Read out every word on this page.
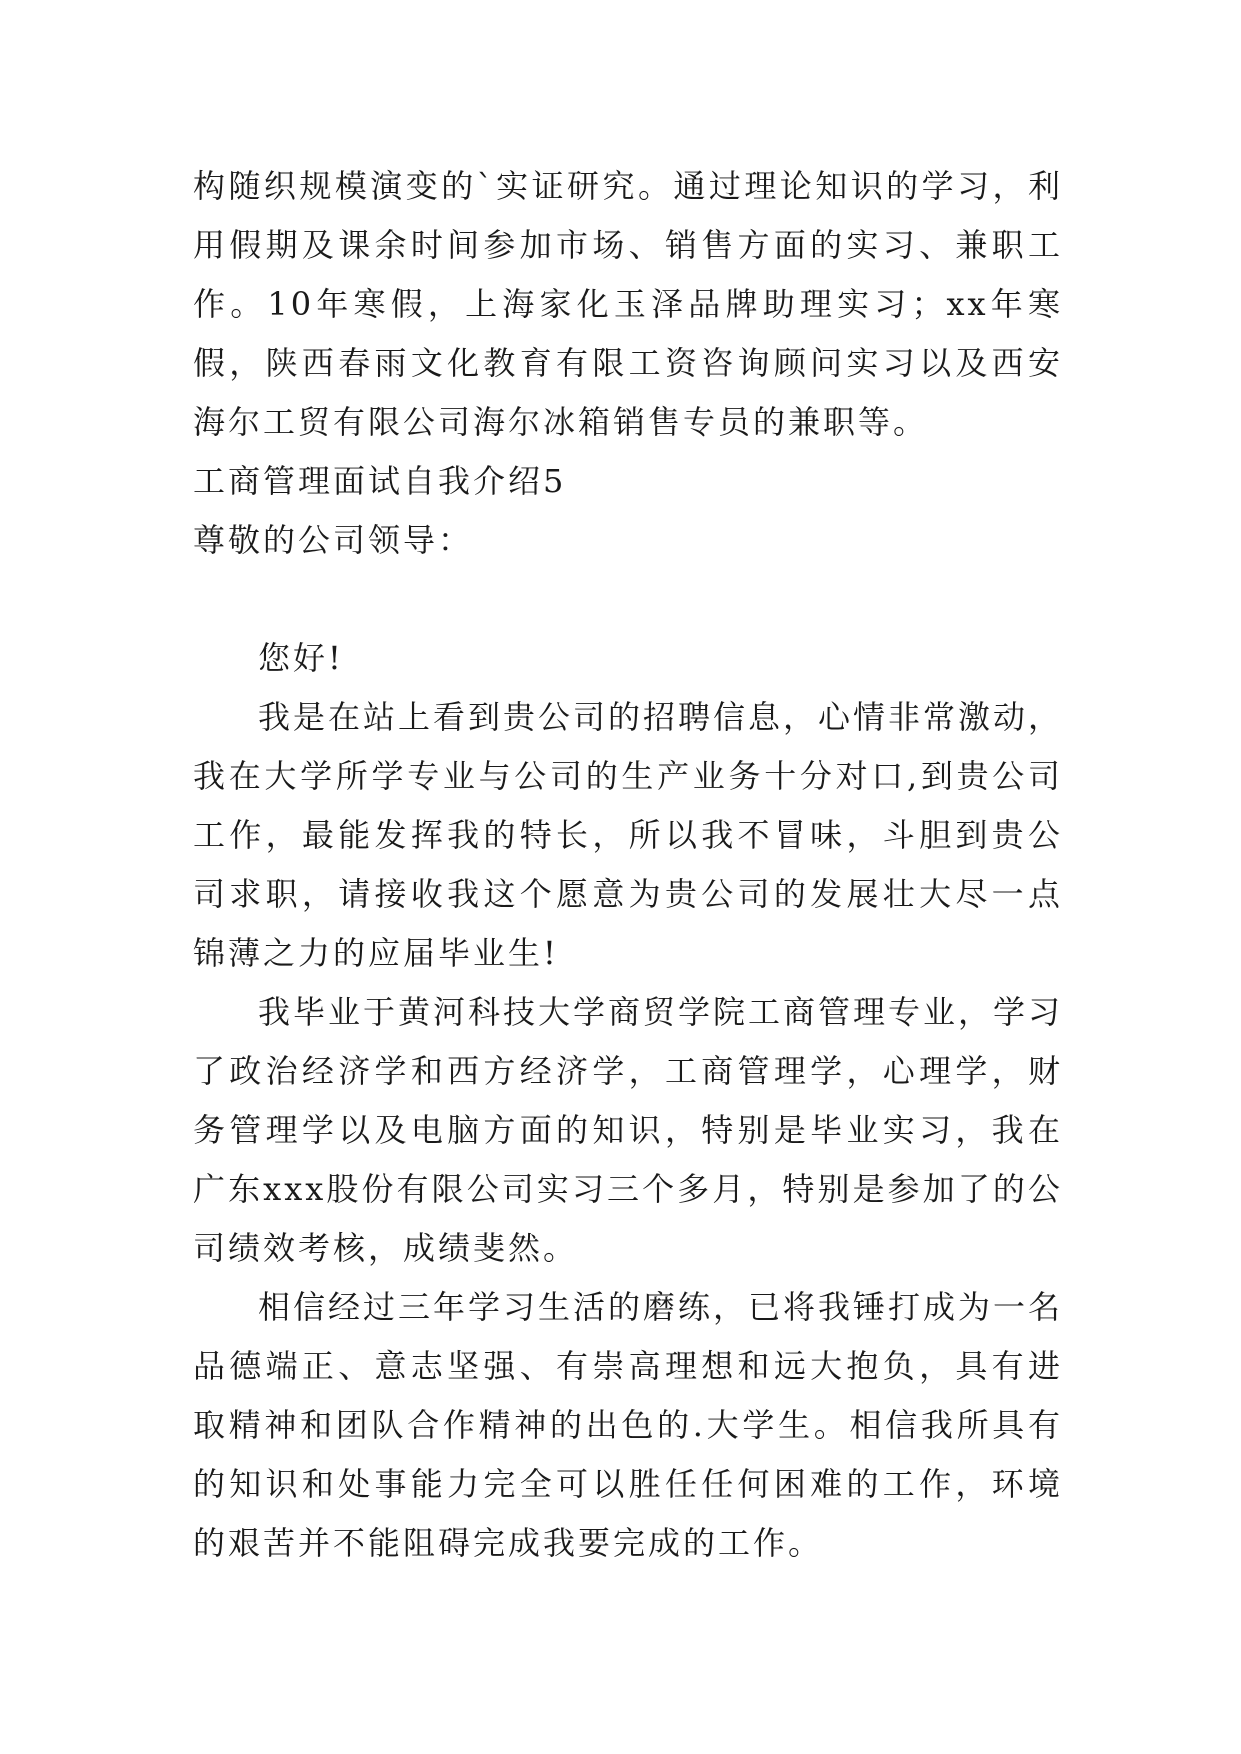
构随织规模演变的`实证研究。通过理论知识的学习，利用假期及课余时间参加市场、销售方面的实习、兼职工作。10年寒假，上海家化玉泽品牌助理实习；xx年寒假，陕西春雨文化教育有限工资咨询顾问实习以及西安海尔工贸有限公司海尔冰箱销售专员的兼职等。

工商管理面试自我介绍5

尊敬的公司领导：

您好!

我是在站上看到贵公司的招聘信息，心情非常激动，我在大学所学专业与公司的生产业务十分对口,到贵公司工作，最能发挥我的特长，所以我不冒味，斗胆到贵公司求职，请接收我这个愿意为贵公司的发展壮大尽一点锦薄之力的应届毕业生!

我毕业于黄河科技大学商贸学院工商管理专业，学习了政治经济学和西方经济学，工商管理学，心理学，财务管理学以及电脑方面的知识，特别是毕业实习，我在广东xxx股份有限公司实习三个多月，特别是参加了的公司绩效考核，成绩斐然。

相信经过三年学习生活的磨练，已将我锤打成为一名品德端正、意志坚强、有崇高理想和远大抱负，具有进取精神和团队合作精神的出色的.大学生。相信我所具有的知识和处事能力完全可以胜任任何困难的工作，环境的艰苦并不能阻碍完成我要完成的工作。
